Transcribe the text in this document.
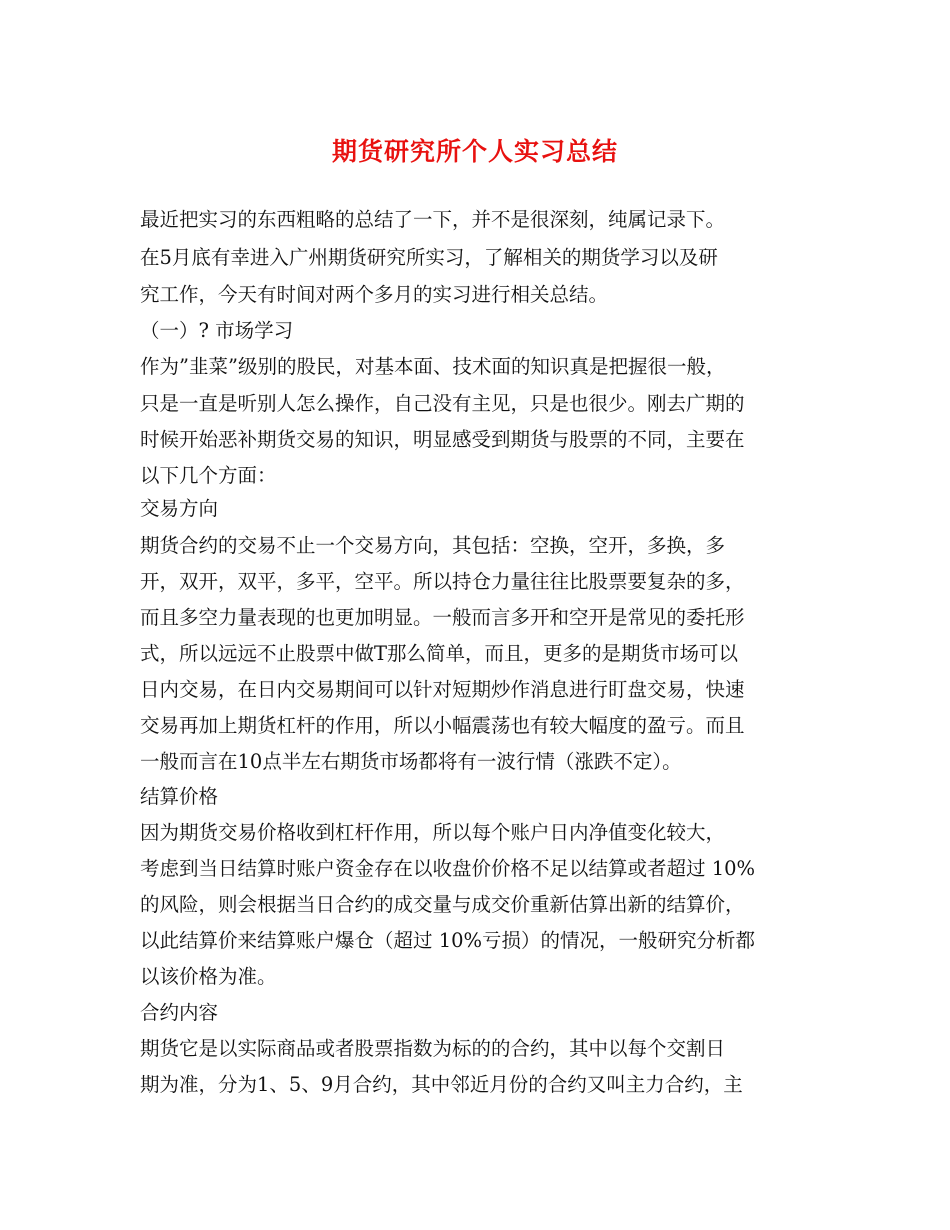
期货研究所个人实习总结
最近把实习的东西粗略的总结了一下，并不是很深刻，纯属记录下。
在5月底有幸进入广州期货研究所实习，了解相关的期货学习以及研
究工作，今天有时间对两个多月的实习进行相关总结。
（一）? 市场学习
作为”韭菜”级别的股民，对基本面、技术面的知识真是把握很一般，
只是一直是听别人怎么操作，自己没有主见，只是也很少。刚去广期的
时候开始恶补期货交易的知识，明显感受到期货与股票的不同，主要在
以下几个方面：
交易方向
期货合约的交易不止一个交易方向，其包括：空换，空开，多换，多
开，双开，双平，多平，空平。所以持仓力量往往比股票要复杂的多，
而且多空力量表现的也更加明显。一般而言多开和空开是常见的委托形
式，所以远远不止股票中做T那么简单，而且，更多的是期货市场可以
日内交易，在日内交易期间可以针对短期炒作消息进行盯盘交易，快速
交易再加上期货杠杆的作用，所以小幅震荡也有较大幅度的盈亏。而且
一般而言在10点半左右期货市场都将有一波行情（涨跌不定）。
结算价格
因为期货交易价格收到杠杆作用，所以每个账户日内净值变化较大，
考虑到当日结算时账户资金存在以收盘价价格不足以结算或者超过 10%
的风险，则会根据当日合约的成交量与成交价重新估算出新的结算价，
以此结算价来结算账户爆仓（超过 10%亏损）的情况，一般研究分析都
以该价格为准。
合约内容
期货它是以实际商品或者股票指数为标的的合约，其中以每个交割日
期为准，分为1、5、9月合约，其中邻近月份的合约又叫主力合约，主
